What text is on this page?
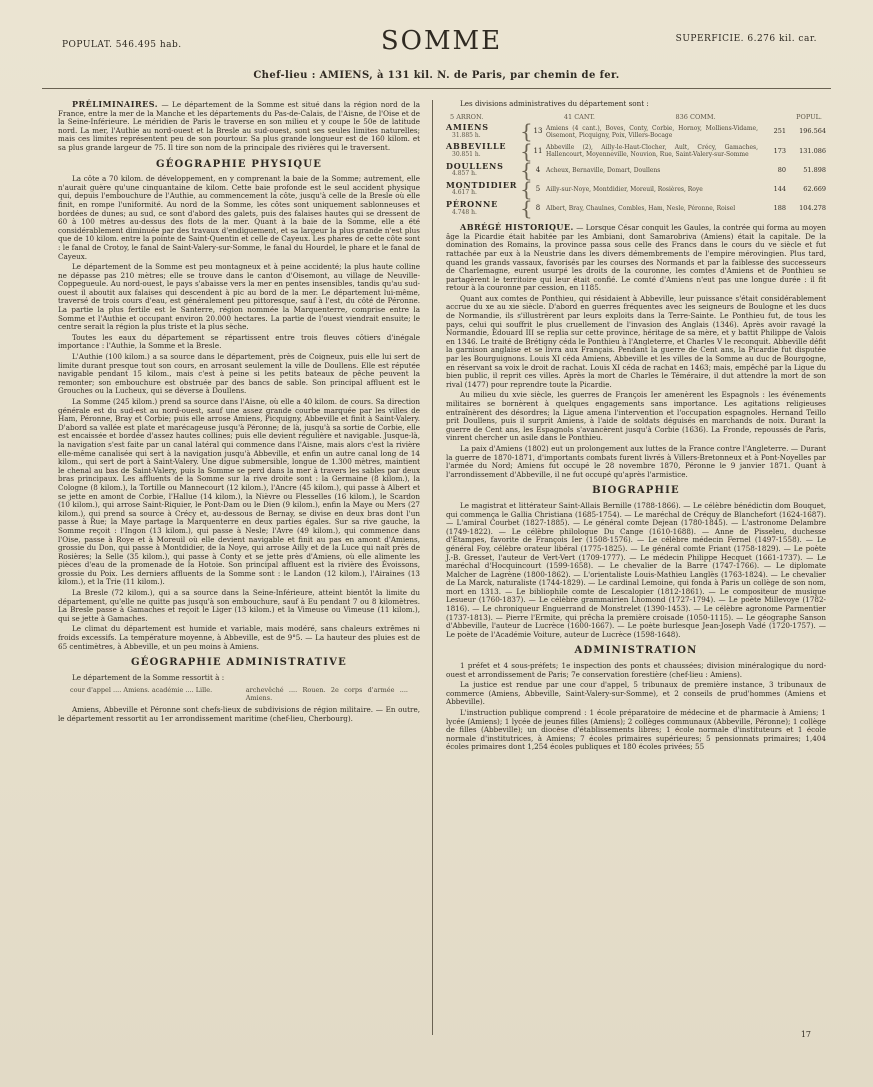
POPULAT. 546.495 hab.	SOMME	SUPERFICIE. 6.276 kil. car.
Chef-lieu : AMIENS, à 131 kil. N. de Paris, par chemin de fer.

PRÉLIMINAIRES. — Le département de la Somme est situé dans la région nord de la France, entre la mer de la Manche et les départements du Pas-de-Calais, de l'Aisne, de l'Oise et de la Seine-Inférieure. Le méridien de Paris le traverse en son milieu et y coupe le 50e de latitude nord. La mer, l'Authie au nord-ouest et la Bresle au sud-ouest, sont ses seules limites naturelles; mais ces limites représentent peu de son pourtour. Sa plus grande longueur est de 160 kilom. et sa plus grande largeur de 75. Il tire son nom de la principale des rivières qui le traversent.

GÉOGRAPHIE PHYSIQUE

La côte a 70 kilom. de développement, en y comprenant la baie de la Somme; autrement, elle n'aurait guère qu'une cinquantaine de kilom. Cette baie profonde est le seul accident physique qui, depuis l'embouchure de l'Authie, au commencement la côte, jusqu'à celle de la Bresle où elle finit, en rompe l'uniformité. Au nord de la Somme, les côtes sont uniquement sablonneuses et bordées de dunes; au sud, ce sont d'abord des galets, puis des falaises hautes qui se dressent de 60 à 100 mètres au-dessus des flots de la mer. Quant à la baie de la Somme, elle a été considérablement diminuée par des travaux d'endiguement, et sa largeur la plus grande n'est plus que de 10 kilom. entre la pointe de Saint-Quentin et celle de Cayeux. Les phares de cette côte sont : le fanal de Crotoy, le fanal de Saint-Valery-sur-Somme, le fanal du Hourdel, le phare et le fanal de Cayeux.

Le département de la Somme est peu montagneux et à peine accidenté; la plus haute colline ne dépasse pas 210 mètres; elle se trouve dans le canton d'Oisemont, au village de Neuville-Coppegueule. Au nord-ouest, le pays s'abaisse vers la mer en pentes insensibles, tandis qu'au sud-ouest il aboutit aux falaises qui descendent à pic au bord de la mer. Le département lui-même, traversé de trois cours d'eau, est généralement peu pittoresque, sauf à l'est, du côté de Péronne. La partie la plus fertile est le Santerre, région nommée la Marquenterre, comprise entre la Somme et l'Authie et occupant environ 20.000 hectares. La partie de l'ouest viendrait ensuite; le centre serait la région la plus triste et la plus sèche.

Toutes les eaux du département se répartissent entre trois fleuves côtiers d'inégale importance : l'Authie, la Somme et la Bresle.

L'Authie (100 kilom.) a sa source dans le département, près de Coigneux, puis elle lui sert de limite durant presque tout son cours, en arrosant seulement la ville de Doullens. Elle est réputée navigable pendant 15 kilom., mais c'est à peine si les petits bateaux de pêche peuvent la remonter; son embouchure est obstruée par des bancs de sable. Son principal affluent est le Grouches ou la Lucheux, qui se déverse à Doullens.

La Somme (245 kilom.) prend sa source dans l'Aisne, où elle a 40 kilom. de cours. Sa direction générale est du sud-est au nord-ouest, sauf une assez grande courbe marquée par les villes de Ham, Péronne, Bray et Corbie; puis elle arrose Amiens, Picquigny, Abbeville et finit à Saint-Valery. D'abord sa vallée est plate et marécageuse jusqu'à Péronne; de là, jusqu'à sa sortie de Corbie, elle est encaissée et bordée d'assez hautes collines; puis elle devient régulière et navigable. Jusque-là, la navigation s'est faite par un canal latéral qui commence dans l'Aisne, mais alors c'est la rivière elle-même canalisée qui sert à la navigation jusqu'à Abbeville, et enfin un autre canal long de 14 kilom., qui sert de port à Saint-Valery. Une digue submersible, longue de 1.300 mètres, maintient le chenal au bas de Saint-Valery, puis la Somme se perd dans la mer à travers les sables par deux bras principaux. Les affluents de la Somme sur la rive droite sont : la Germaine (8 kilom.), la Cologne (8 kilom.), la Tortille ou Mannecourt (12 kilom.), l'Ancre (45 kilom.), qui passe à Albert et se jette en amont de Corbie, l'Hallue (14 kilom.), la Nièvre ou Flesselles (16 kilom.), le Scardon (10 kilom.), qui arrose Saint-Riquier, le Pont-Dam ou le Dien (9 kilom.), enfin la Maye ou Mers (27 kilom.), qui prend sa source à Crécy et, au-dessous de Bernay, se divise en deux bras dont l'un passe à Rue; la Maye partage la Marquenterre en deux parties égales. Sur sa rive gauche, la Somme reçoit : l'Ingon (13 kilom.), qui passe à Nesle; l'Avre (49 kilom.), qui commence dans l'Oise, passe à Roye et à Moreuil où elle devient navigable et finit au pas en amont d'Amiens, grossie du Don, qui passe à Montdidier, de la Noye, qui arrose Ailly et de la Luce qui naît près de Rosières; la Selle (35 kilom.), qui passe à Conty et se jette près d'Amiens, où elle alimente les pièces d'eau de la promenade de la Hotoie. Son principal affluent est la rivière des Évoissons, grossie du Poix. Les derniers affluents de la Somme sont : le Landon (12 kilom.), l'Airaines (13 kilom.), et la Trie (11 kilom.).

La Bresle (72 kilom.), qui a sa source dans la Seine-Inférieure, atteint bientôt la limite du département, qu'elle ne quitte pas jusqu'à son embouchure, sauf à Eu pendant 7 ou 8 kilomètres. La Bresle passe à Gamaches et reçoit le Liger (13 kilom.) et la Vimeuse ou Vimeuse (11 kilom.), qui se jette à Gamaches.

Le climat du département est humide et variable, mais modéré, sans chaleurs extrêmes ni froids excessifs. La température moyenne, à Abbeville, est de 9°5. — La hauteur des pluies est de 65 centimètres, à Abbeville, et un peu moins à Amiens.

GÉOGRAPHIE ADMINISTRATIVE

Le département de la Somme ressortit à :

cour d'appel .... Amiens. académie .... Lille.	archevêché .... Rouen. 2e corps d'armée .... Amiens.

Amiens, Abbeville et Péronne sont chefs-lieux de subdivisions de région militaire. — En outre, le département ressortit au 1er arrondissement maritime (chef-lieu, Cherbourg).

Les divisions administratives du département sont :

5 ARRON.	41 CANT.	836 COMM.	POPUL.
AMIENS
31.885 h.	{ 13 Amiens (4 cant.), Boves, Conty, Corbie, Hornoy, Molliens-Vidame, Oisemont, Picquigny, Poix, Villers-Bocage	251	196.564
ABBEVILLE
30.851 h.	{ 11 Abbeville (2), Ailly-le-Haut-Clocher, Ault, Crécy, Gamaches, Hallencourt, Moyenneville, Nouvion, Rue, Saint-Valery-sur-Somme	173	131.086
DOULLENS
4.857 h.	{ 4 Acheux, Bernaville, Domart, Doullens	80	51.898
MONTDIDIER
4.617 h.	{ 5 Ailly-sur-Noye, Montdidier, Moreuil, Rosières, Roye	144	62.669
PÉRONNE
4.748 h.	{ 8 Albert, Bray, Chaulnes, Combles, Ham, Nesle, Péronne, Roisel	188	104.278

ABRÉGÉ HISTORIQUE. — Lorsque César conquit les Gaules, la contrée qui forma au moyen âge la Picardie était habitée par les Ambiani, dont Samarobriva (Amiens) était la capitale. De la domination des Romains, la province passa sous celle des Francs dans le cours du ve siècle et fut rattachée par eux à la Neustrie dans les divers démembrements de l'empire mérovingien. Plus tard, quand les grands vassaux, favorisés par les courses des Normands et par la faiblesse des successeurs de Charlemagne, eurent usurpé les droits de la couronne, les comtes d'Amiens et de Ponthieu se partagèrent le territoire qui leur était confié. Le comté d'Amiens n'eut pas une longue durée : il fit retour à la couronne par cession, en 1185.

Quant aux comtes de Ponthieu, qui résidaient à Abbeville, leur puissance s'était considérablement accrue du xe au xie siècle. D'abord en guerres fréquentes avec les seigneurs de Boulogne et les ducs de Normandie, ils s'illustrèrent par leurs exploits dans la Terre-Sainte. Le Ponthieu fut, de tous les pays, celui qui souffrit le plus cruellement de l'invasion des Anglais (1346). Après avoir ravagé la Normandie, Édouard III se replia sur cette province, héritage de sa mère, et y battit Philippe de Valois en 1346. Le traité de Brétigny céda le Ponthieu à l'Angleterre, et Charles V le reconquit. Abbeville défit la garnison anglaise et se livra aux Français. Pendant la guerre de Cent ans, la Picardie fut disputée par les Bourguignons. Louis XI céda Amiens, Abbeville et les villes de la Somme au duc de Bourgogne, en réservant sa voix le droit de rachat. Louis XI céda de rachat en 1463; mais, empêché par la Ligue du bien public, il reprit ces villes. Après la mort de Charles le Téméraire, il dut attendre la mort de son rival (1477) pour reprendre toute la Picardie.

Au milieu du xvie siècle, les guerres de François Ier amenèrent les Espagnols : les événements militaires se bornèrent à quelques engagements sans importance. Les agitations religieuses entraînèrent des désordres; la Ligue amena l'intervention et l'occupation espagnoles. Hernand Teillo prit Doullens, puis il surprit Amiens, à l'aide de soldats déguisés en marchands de noix. Durant la guerre de Cent ans, les Espagnols s'avancèrent jusqu'à Corbie (1636). La Fronde, repoussés de Paris, vinrent chercher un asile dans le Ponthieu.

La paix d'Amiens (1802) eut un prolongement aux luttes de la France contre l'Angleterre. — Durant la guerre de 1870-1871, d'importants combats furent livrés à Villers-Bretonneux et à Pont-Noyelles par l'armée du Nord; Amiens fut occupé le 28 novembre 1870, Péronne le 9 janvier 1871. Quant à l'arrondissement d'Abbeville, il ne fut occupé qu'après l'armistice.

BIOGRAPHIE

Le magistrat et littérateur Saint-Allais Bernille (1788-1866). — Le célèbre bénédictin dom Bouquet, qui commença le Gallia Christiana (1685-1754). — Le maréchal de Créquy de Blanchefort (1624-1687). — L'amiral Courbet (1827-1885). — Le général comte Dejean (1780-1845). — L'astronome Delambre (1749-1822). — Le célèbre philologue Du Cange (1610-1688). — Anne de Pisseleu, duchesse d'Étampes, favorite de François Ier (1508-1576). — Le célèbre médecin Fernel (1497-1558). — Le général Foy, célèbre orateur libéral (1775-1825). — Le général comte Friant (1758-1829). — Le poète J.-B. Gresset, l'auteur de Vert-Vert (1709-1777). — Le médecin Philippe Hecquet (1661-1737). — Le maréchal d'Hocquincourt (1599-1658). — Le chevalier de la Barre (1747-1766). — Le diplomate Malcher de Lagrène (1800-1862). — L'orientaliste Louis-Mathieu Langlès (1763-1824). — Le chevalier de La Marck, naturaliste (1744-1829). — Le cardinal Lemoine, qui fonda à Paris un collège de son nom, mort en 1313. — Le bibliophile comte de Lescalopier (1812-1861). — Le compositeur de musique Lesueur (1760-1837). — Le célèbre grammairien Lhomond (1727-1794). — Le poète Millevoye (1782-1816). — Le chroniqueur Enguerrand de Monstrelet (1390-1453). — Le célèbre agronome Parmentier (1737-1813). — Pierre l'Ermite, qui prêcha la première croisade (1050-1115). — Le géographe Sanson d'Abbeville, l'auteur de Lucrèce (1600-1667). — Le poète burlesque Jean-Joseph Vadé (1720-1757). — Le poète de l'Académie Voiture, auteur de Lucrèce (1598-1648).

ADMINISTRATION

1 préfet et 4 sous-préfets; 1e inspection des ponts et chaussées; division minéralogique du nord-ouest et arrondissement de Paris; 7e conservation forestière (chef-lieu : Amiens).

La justice est rendue par une cour d'appel, 5 tribunaux de première instance, 3 tribunaux de commerce (Amiens, Abbeville, Saint-Valery-sur-Somme), et 2 conseils de prud'hommes (Amiens et Abbeville).

L'instruction publique comprend : 1 école préparatoire de médecine et de pharmacie à Amiens; 1 lycée (Amiens); 1 lycée de jeunes filles (Amiens); 2 collèges communaux (Abbeville, Péronne); 1 collège de filles (Abbeville); un diocèse d'établissements libres; 1 école normale d'instituteurs et 1 école normale d'institutrices, à Amiens; 7 écoles primaires supérieures; 5 pensionnats primaires; 1,404 écoles primaires dont 1,254 écoles publiques et 180 écoles privées; 55

17
